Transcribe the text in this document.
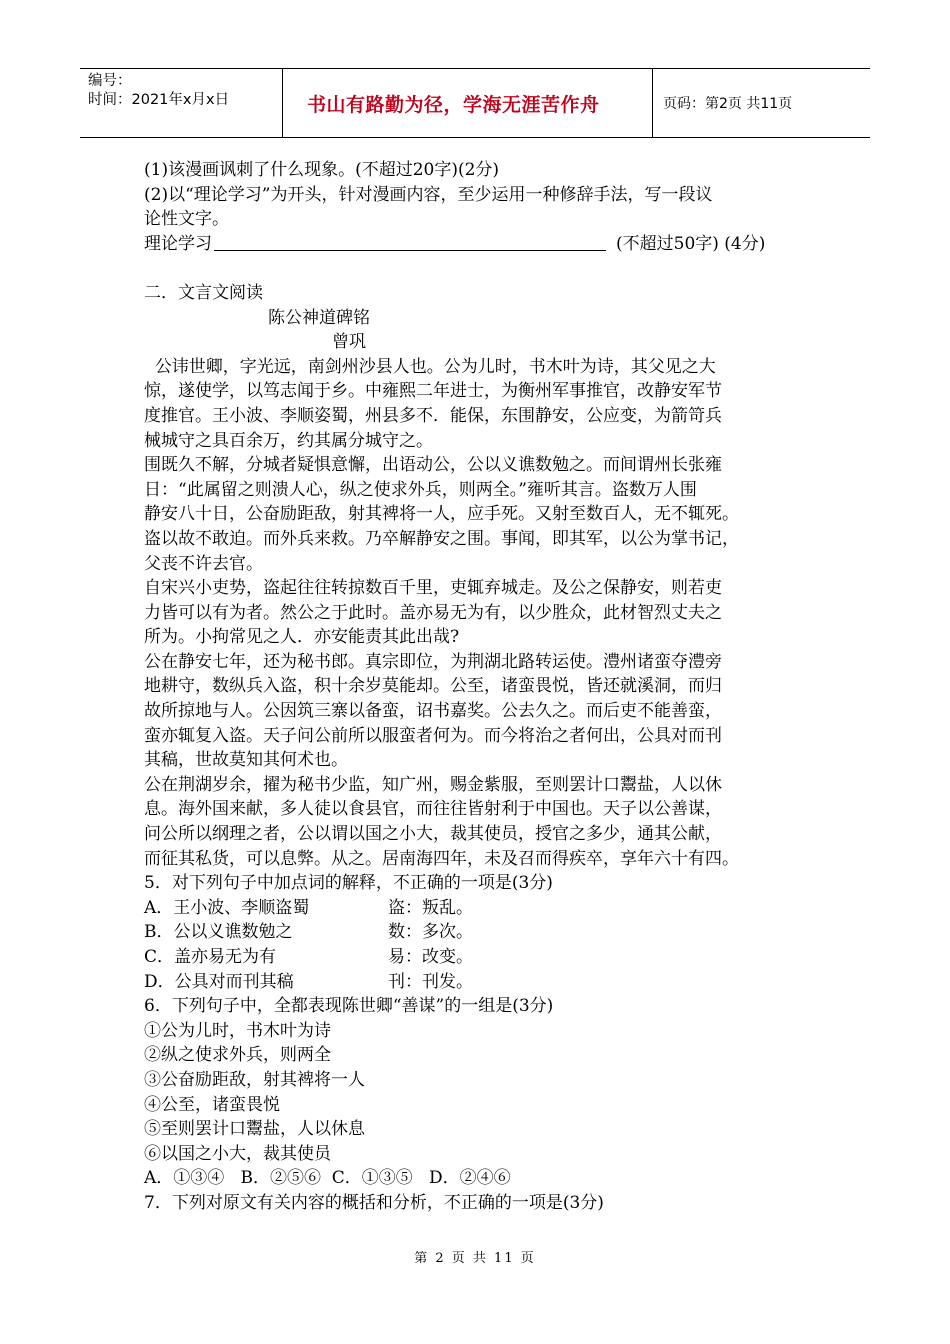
编号：
时间：2021年x月x日	书山有路勤为径，学海无涯苦作舟	页码：第2页 共11页
(1)该漫画讽刺了什么现象。(不超过20字)(2分)
(2)以“理论学习”为开头，针对漫画内容，至少运用一种修辞手法，写一段议
论性文字。
理论学习	(不超过50字) (4分)
二．文言文阅读
陈公神道碑铭
曾巩
公讳世卿，字光远，南剑州沙县人也。公为儿时，书木叶为诗，其父见之大
惊，遂使学，以笃志闻于乡。中雍熙二年进士，为衡州军事推官，改静安军节
度推官。王小波、李顺姿蜀，州县多不．能保，东围静安，公应变，为箭笴兵
械城守之具百余万，约其属分城守之。
围既久不解，分城者疑惧意懈，出语动公，公以义谯数勉之。而间谓州长张雍
日：“此属留之则溃人心，纵之使求外兵，则两全。”雍听其言。盗数万人围
静安八十日，公奋励距敌，射其裨将一人，应手死。又射至数百人，无不辄死。
盗以故不敢迫。而外兵来救。乃卒解静安之围。事闻，即其军，以公为掌书记，
父丧不许去官。
自宋兴小吏势，盗起往往转掠数百千里，吏辄弃城走。及公之保静安，则若吏
力皆可以有为者。然公之于此时。盖亦易无为有，以少胜众，此材智烈丈夫之
所为。小拘常见之人．亦安能责其此出哉?
公在静安七年，还为秘书郎。真宗即位，为荆湖北路转运使。澧州诸蛮夺澧旁
地耕守，数纵兵入盗，积十余岁莫能却。公至，诸蛮畏悦，皆还就溪洞，而归
故所掠地与人。公因筑三寨以备蛮，诏书嘉奖。公去久之。而后吏不能善蛮，
蛮亦辄复入盗。天子问公前所以服蛮者何为。而今将治之者何出，公具对而刊
其稿，世故莫知其何术也。
公在荆湖岁余，擢为秘书少监，知广州，赐金紫服，至则罢计口鬻盐，人以休
息。海外国来献，多人徒以食县官，而往往皆射利于中国也。天子以公善谋，
问公所以纲理之者，公以谓以国之小大，裁其使员，授官之多少，通其公献，
而征其私货，可以息弊。从之。居南海四年，未及召而得疾卒，享年六十有四。
5．对下列句子中加点词的解释，不正确的一项是(3分)
A．王小波、李顺盗蜀	盗：叛乱。
B．公以义谯数勉之	数：多次。
C．盖亦易无为有	易：改变。
D．公具对而刊其稿	刊：刊发。
6．下列句子中，全都表现陈世卿“善谋”的一组是(3分)
①公为儿时，书木叶为诗
②纵之使求外兵，则两全
③公奋励距敌，射其裨将一人
④公至，诸蛮畏悦
⑤至则罢计口鬻盐，人以休息
⑥以国之小大，裁其使员
A．①③④   B．②⑤⑥  C．①③⑤   D．②④⑥
7．下列对原文有关内容的概括和分析，不正确的一项是(3分)
第 2 页 共 11 页
